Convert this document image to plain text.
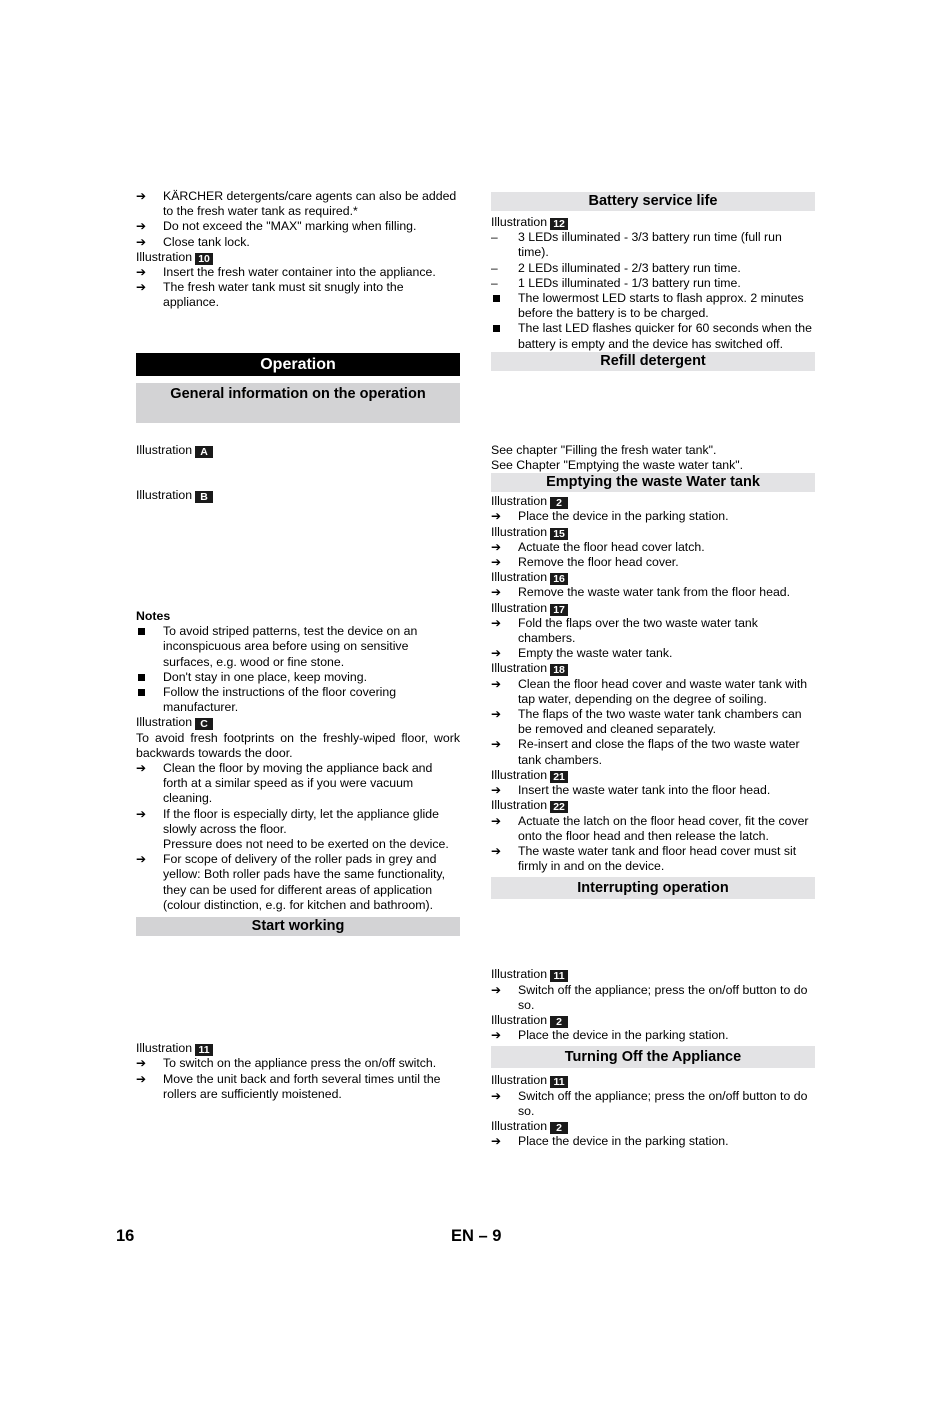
➔	KÄRCHER detergents/care agents can also be added to the fresh water tank as required.*
➔	Do not exceed the "MAX" marking when filling.
➔	Close tank lock.
Illustration 10
➔	Insert the fresh water container into the appliance.
➔	The fresh water tank must sit snugly into the appliance.
Operation
General information on the operation
Illustration A
Illustration B
Notes
To avoid striped patterns, test the device on an inconspicuous area before using on sensitive surfaces, e.g. wood or fine stone.
Don't stay in one place, keep moving.
Follow the instructions of the floor covering manufacturer.
Illustration C
To avoid fresh footprints on the freshly-wiped floor, work backwards towards the door.
➔	Clean the floor by moving the appliance back and forth at a similar speed as if you were vacuum cleaning.
➔	If the floor is especially dirty, let the appliance glide slowly across the floor.
Pressure does not need to be exerted on the device.
➔	For scope of delivery of the roller pads in grey and yellow: Both roller pads have the same functionality, they can be used for different areas of application (colour distinction, e.g. for kitchen and bathroom).
Start working
Illustration 11
➔	To switch on the appliance press the on/off switch.
➔	Move the unit back and forth several times until the rollers are sufficiently moistened.
Battery service life
Illustration 12
–	3 LEDs illuminated - 3/3 battery run time (full run time).
–	2 LEDs illuminated - 2/3 battery run time.
–	1 LEDs illuminated - 1/3 battery run time.
The lowermost LED starts to flash approx. 2 minutes before the battery is to be charged.
The last LED flashes quicker for 60 seconds when the battery is empty and the device has switched off.
Refill detergent
See chapter "Filling the fresh water tank".
See Chapter "Emptying the waste water tank".
Emptying the waste Water tank
Illustration 2
➔	Place the device in the parking station.
Illustration 15
➔	Actuate the floor head cover latch.
➔	Remove the floor head cover.
Illustration 16
➔	Remove the waste water tank from the floor head.
Illustration 17
➔	Fold the flaps over the two waste water tank chambers.
➔	Empty the waste water tank.
Illustration 18
➔	Clean the floor head cover and waste water tank with tap water, depending on the degree of soiling.
➔	The flaps of the two waste water tank chambers can be removed and cleaned separately.
➔	Re-insert and close the flaps of the two waste water tank chambers.
Illustration 21
➔	Insert the waste water tank into the floor head.
Illustration 22
➔	Actuate the latch on the floor head cover, fit the cover onto the floor head and then release the latch.
➔	The waste water tank and floor head cover must sit firmly in and on the device.
Interrupting operation
Illustration 11
➔	Switch off the appliance; press the on/off button to do so.
Illustration 2
➔	Place the device in the parking station.
Turning Off the Appliance
Illustration 11
➔	Switch off the appliance; press the on/off button to do so.
Illustration 2
➔	Place the device in the parking station.
16	EN – 9
